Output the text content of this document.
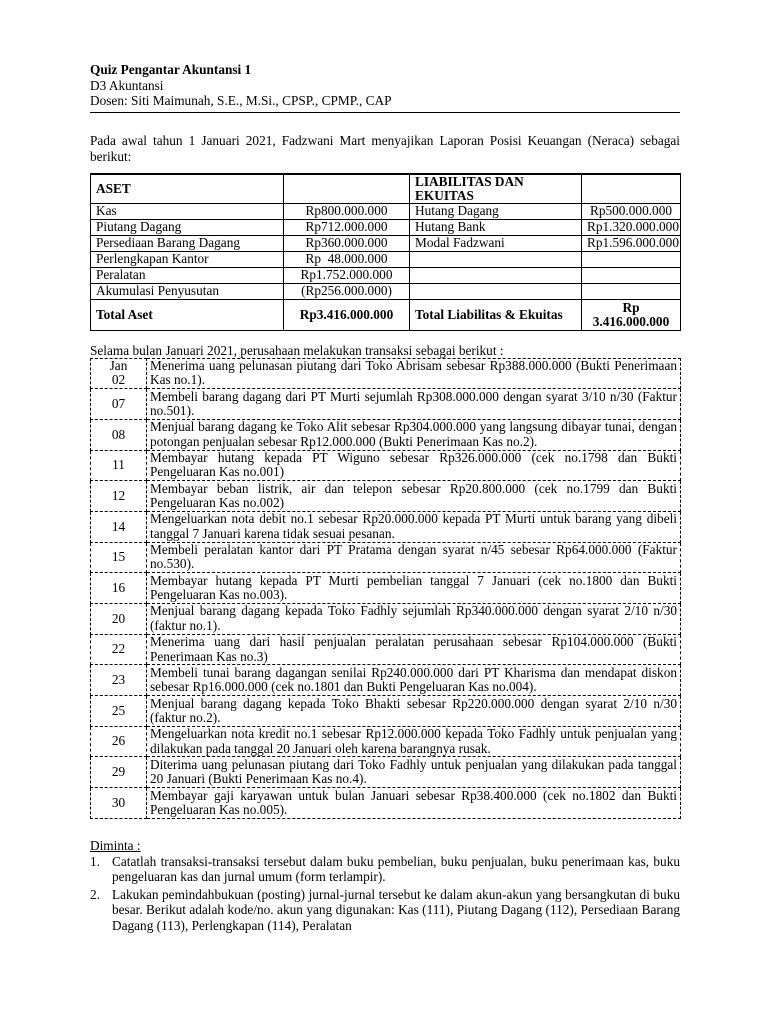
Quiz Pengantar Akuntansi 1
D3 Akuntansi
Dosen: Siti Maimunah, S.E., M.Si., CPSP., CPMP., CAP
Pada awal tahun 1 Januari 2021, Fadzwani Mart menyajikan Laporan Posisi Keuangan (Neraca) sebagai berikut:
ASET		LIABILITAS DAN EKUITAS	
Kas	Rp800.000.000	Hutang Dagang	Rp500.000.000
Piutang Dagang	Rp712.000.000	Hutang Bank	Rp1.320.000.000
Persediaan Barang Dagang	Rp360.000.000	Modal Fadzwani	Rp1.596.000.000
Perlengkapan Kantor	Rp  48.000.000		
Peralatan	Rp1.752.000.000		
Akumulasi Penyusutan	(Rp256.000.000)		
Total Aset	Rp3.416.000.000	Total Liabilitas & Ekuitas	Rp 3.416.000.000
Selama bulan Januari 2021, perusahaan melakukan transaksi sebagai berikut :
Jan 02	Menerima uang pelunasan piutang dari Toko Abrisam sebesar Rp388.000.000 (Bukti Penerimaan Kas no.1).
07	Membeli barang dagang dari PT Murti sejumlah Rp308.000.000 dengan syarat 3/10 n/30 (Faktur no.501).
08	Menjual barang dagang ke Toko Alit sebesar Rp304.000.000 yang langsung dibayar tunai, dengan potongan penjualan sebesar Rp12.000.000 (Bukti Penerimaan Kas no.2).
11	Membayar hutang kepada PT Wiguno sebesar Rp326.000.000 (cek no.1798 dan Bukti Pengeluaran Kas no.001)
12	Membayar beban listrik, air dan telepon sebesar Rp20.800.000 (cek no.1799 dan Bukti Pengeluaran Kas no.002)
14	Mengeluarkan nota debit no.1 sebesar Rp20.000.000 kepada PT Murti untuk barang yang dibeli tanggal 7 Januari karena tidak sesuai pesanan.
15	Membeli peralatan kantor dari PT Pratama dengan syarat n/45 sebesar Rp64.000.000 (Faktur no.530).
16	Membayar hutang kepada PT Murti pembelian tanggal 7 Januari (cek no.1800 dan Bukti Pengeluaran Kas no.003).
20	Menjual barang dagang kepada Toko Fadhly sejumlah Rp340.000.000 dengan syarat 2/10 n/30 (faktur no.1).
22	Menerima uang dari hasil penjualan peralatan perusahaan sebesar Rp104.000.000 (Bukti Penerimaan Kas no.3)
23	Membeli tunai barang dagangan senilai Rp240.000.000 dari PT Kharisma dan mendapat diskon sebesar Rp16.000.000 (cek no.1801 dan Bukti Pengeluaran Kas no.004).
25	Menjual barang dagang kepada Toko Bhakti sebesar Rp220.000.000 dengan syarat 2/10 n/30 (faktur no.2).
26	Mengeluarkan nota kredit no.1 sebesar Rp12.000.000 kepada Toko Fadhly untuk penjualan yang dilakukan pada tanggal 20 Januari oleh karena barangnya rusak.
29	Diterima uang pelunasan piutang dari Toko Fadhly untuk penjualan yang dilakukan pada tanggal 20 Januari (Bukti Penerimaan Kas no.4).
30	Membayar gaji karyawan untuk bulan Januari sebesar Rp38.400.000 (cek no.1802 dan Bukti Pengeluaran Kas no.005).
Diminta :
1. Catatlah transaksi-transaksi tersebut dalam buku pembelian, buku penjualan, buku penerimaan kas, buku pengeluaran kas dan jurnal umum (form terlampir).
2. Lakukan pemindahbukuan (posting) jurnal-jurnal tersebut ke dalam akun-akun yang bersangkutan di buku besar. Berikut adalah kode/no. akun yang digunakan: Kas (111), Piutang Dagang (112), Persediaan Barang Dagang (113), Perlengkapan (114), Peralatan
